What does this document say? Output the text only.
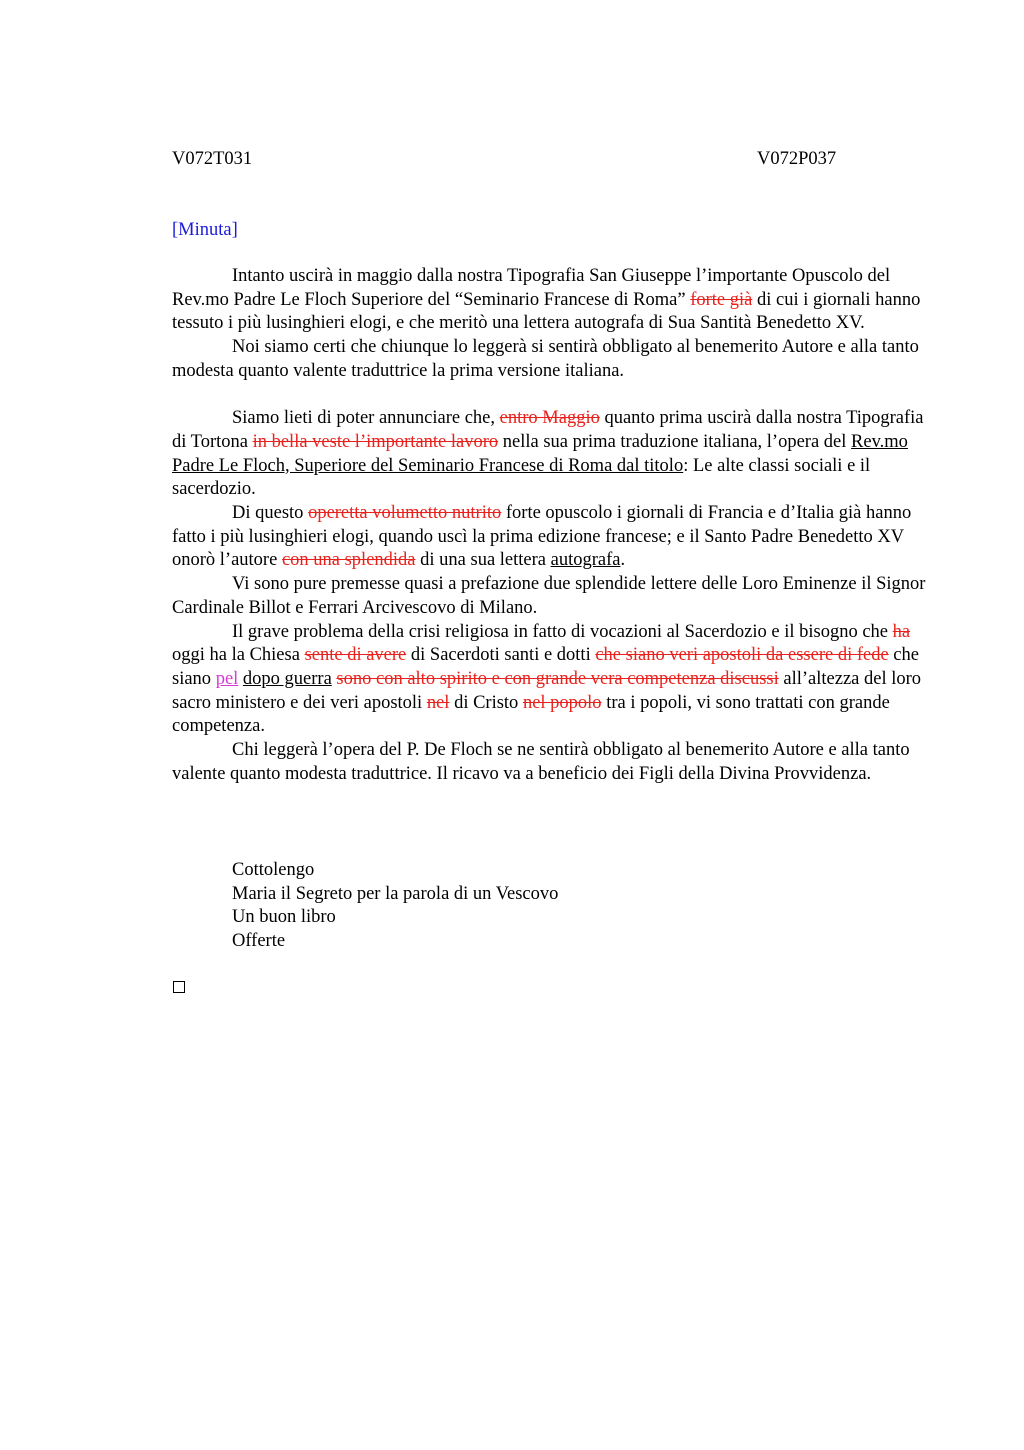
V072T031	V072P037
[Minuta]

Intanto uscirà in maggio dalla nostra Tipografia San Giuseppe l’importante Opuscolo del Rev.mo Padre Le Floch Superiore del “Seminario Francese di Roma” forte già di cui i giornali hanno tessuto i più lusinghieri elogi, e che meritò una lettera autografa di Sua Santità Benedetto XV.

Noi siamo certi che chiunque lo leggerà si sentirà obbligato al benemerito Autore e alla tanto modesta quanto valente traduttrice la prima versione italiana.

Siamo lieti di poter annunciare che, entro Maggio quanto prima uscirà dalla nostra Tipografia di Tortona in bella veste l’importante lavoro nella sua prima traduzione italiana, l’opera del Rev.mo Padre Le Floch, Superiore del Seminario Francese di Roma dal titolo: Le alte classi sociali e il sacerdozio.

Di questo operetta volumetto nutrito forte opuscolo i giornali di Francia e d’Italia già hanno fatto i più lusinghieri elogi, quando uscì la prima edizione francese; e il Santo Padre Benedetto XV onorò l’autore con una splendida di una sua lettera autografa.

Vi sono pure premesse quasi a prefazione due splendide lettere delle Loro Eminenze il Signor Cardinale Billot e Ferrari Arcivescovo di Milano.

Il grave problema della crisi religiosa in fatto di vocazioni al Sacerdozio e il bisogno che ha oggi ha la Chiesa sente di avere di Sacerdoti santi e dotti che siano veri apostoli da essere di fede che siano pel dopo guerra sono con alto spirito e con grande vera competenza discussi all’altezza del loro sacro ministero e dei veri apostoli nel di Cristo nel popolo tra i popoli, vi sono trattati con grande competenza.

Chi leggerà l’opera del P. De Floch se ne sentirà obbligato al benemerito Autore e alla tanto valente quanto modesta traduttrice. Il ricavo va a beneficio dei Figli della Divina Provvidenza.

Cottolengo
Maria il Segreto per la parola di un Vescovo
Un buon libro
Offerte
